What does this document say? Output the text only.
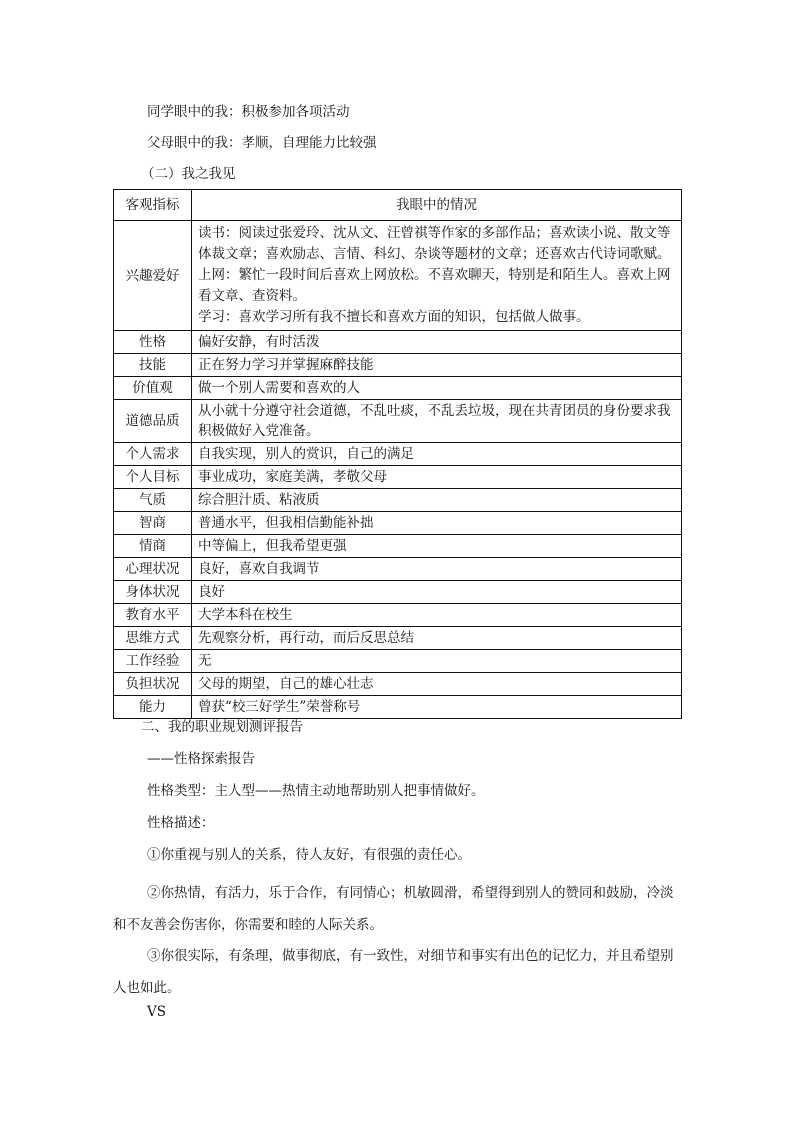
同学眼中的我：积极参加各项活动
父母眼中的我：孝顺，自理能力比较强
（二）我之我见
客观指标	我眼中的情况
兴趣爱好	读书：阅读过张爱玲、沈从文、汪曾祺等作家的多部作品；喜欢读小说、散文等体裁文章；喜欢励志、言情、科幻、杂谈等题材的文章；还喜欢古代诗词歌赋。
上网：繁忙一段时间后喜欢上网放松。不喜欢聊天，特别是和陌生人。喜欢上网看文章、查资料。
学习：喜欢学习所有我不擅长和喜欢方面的知识，包括做人做事。

性格	偏好安静，有时活泼
技能	正在努力学习并掌握麻醉技能
价值观	做一个别人需要和喜欢的人
道德品质	从小就十分遵守社会道德，不乱吐痰，不乱丢垃圾，现在共青团员的身份要求我积极做好入党准备。
个人需求	自我实现，别人的赏识，自己的满足
个人目标	事业成功，家庭美满，孝敬父母
气质	综合胆汁质、粘液质
智商	普通水平，但我相信勤能补拙
情商	中等偏上，但我希望更强
心理状况	良好，喜欢自我调节
身体状况	良好
教育水平	大学本科在校生
思维方式	先观察分析，再行动，而后反思总结
工作经验	无
负担状况	父母的期望，自己的雄心壮志
能力	曾获“校三好学生”荣誉称号
二、我的职业规划测评报告
——性格探索报告
性格类型：主人型——热情主动地帮助别人把事情做好。
性格描述：
①你重视与别人的关系，待人友好，有很强的责任心。
②你热情，有活力，乐于合作，有同情心；机敏圆滑，希望得到别人的赞同和鼓励，冷淡和不友善会伤害你，你需要和睦的人际关系。
③你很实际，有条理，做事彻底，有一致性，对细节和事实有出色的记忆力，并且希望别人也如此。
VS
